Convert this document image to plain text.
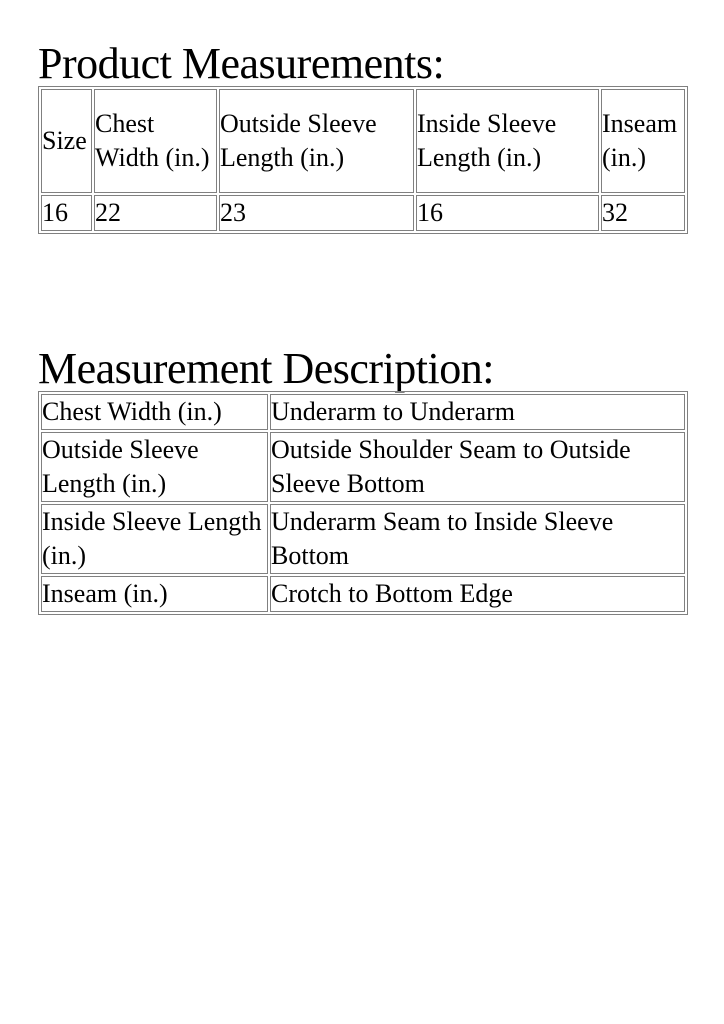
Product Measurements:
Size	Chest Width (in.)	Outside Sleeve Length (in.)	Inside Sleeve Length (in.)	Inseam (in.)
16	22	23	16	32
Measurement Description:
Chest Width (in.)	Underarm to Underarm
Outside Sleeve Length (in.)	Outside Shoulder Seam to Outside Sleeve Bottom
Inside Sleeve Length (in.)	Underarm Seam to Inside Sleeve Bottom
Inseam (in.)	Crotch to Bottom Edge
